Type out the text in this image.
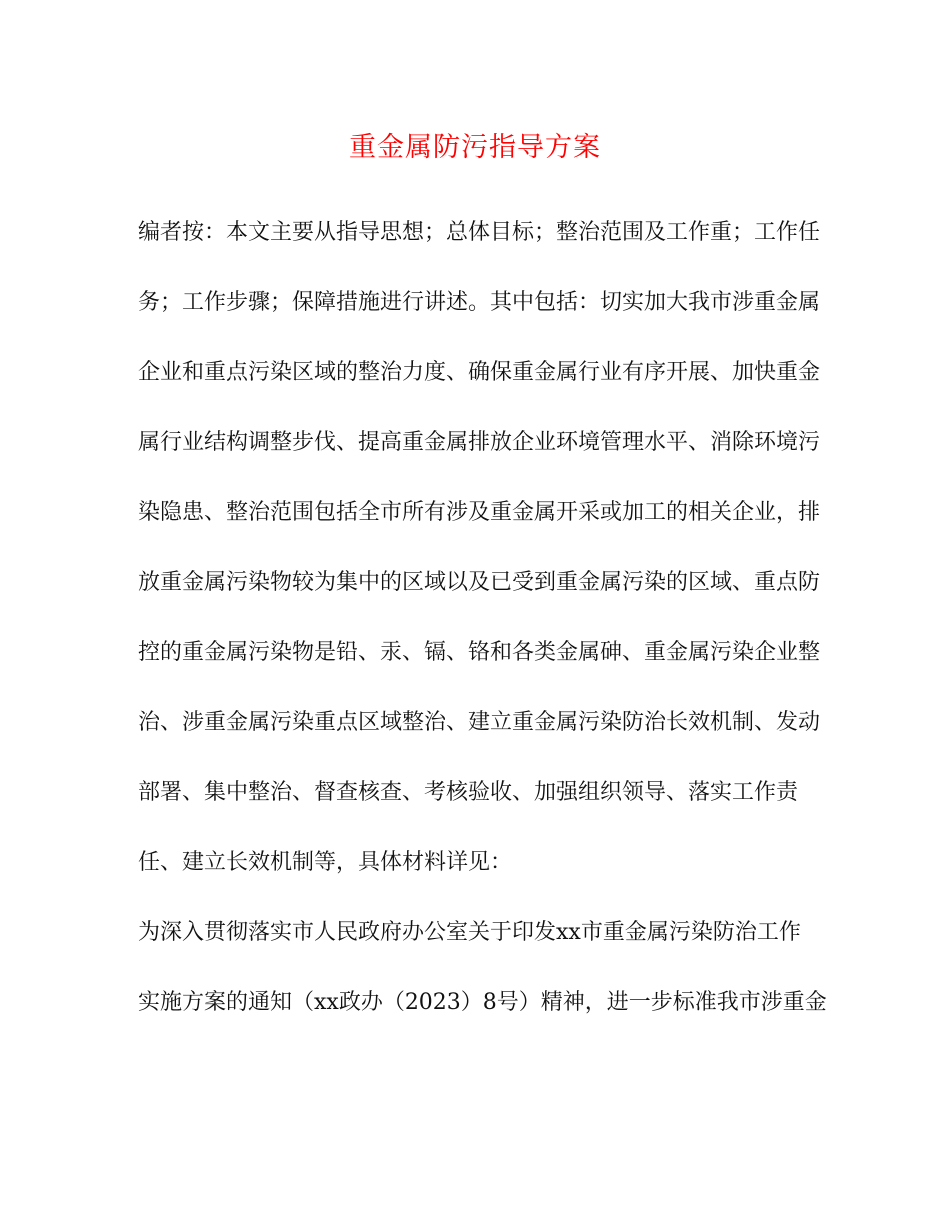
重金属防污指导方案
编者按：本文主要从指导思想；总体目标；整治范围及工作重；工作任
务；工作步骤；保障措施进行讲述。其中包括：切实加大我市涉重金属
企业和重点污染区域的整治力度、确保重金属行业有序开展、加快重金
属行业结构调整步伐、提高重金属排放企业环境管理水平、消除环境污
染隐患、整治范围包括全市所有涉及重金属开采或加工的相关企业，排
放重金属污染物较为集中的区域以及已受到重金属污染的区域、重点防
控的重金属污染物是铅、汞、镉、铬和各类金属砷、重金属污染企业整
治、涉重金属污染重点区域整治、建立重金属污染防治长效机制、发动
部署、集中整治、督查核查、考核验收、加强组织领导、落实工作责
任、建立长效机制等，具体材料详见：
为深入贯彻落实市人民政府办公室关于印发xx市重金属污染防治工作
实施方案的通知（xx政办（2023）8号）精神，进一步标准我市涉重金
